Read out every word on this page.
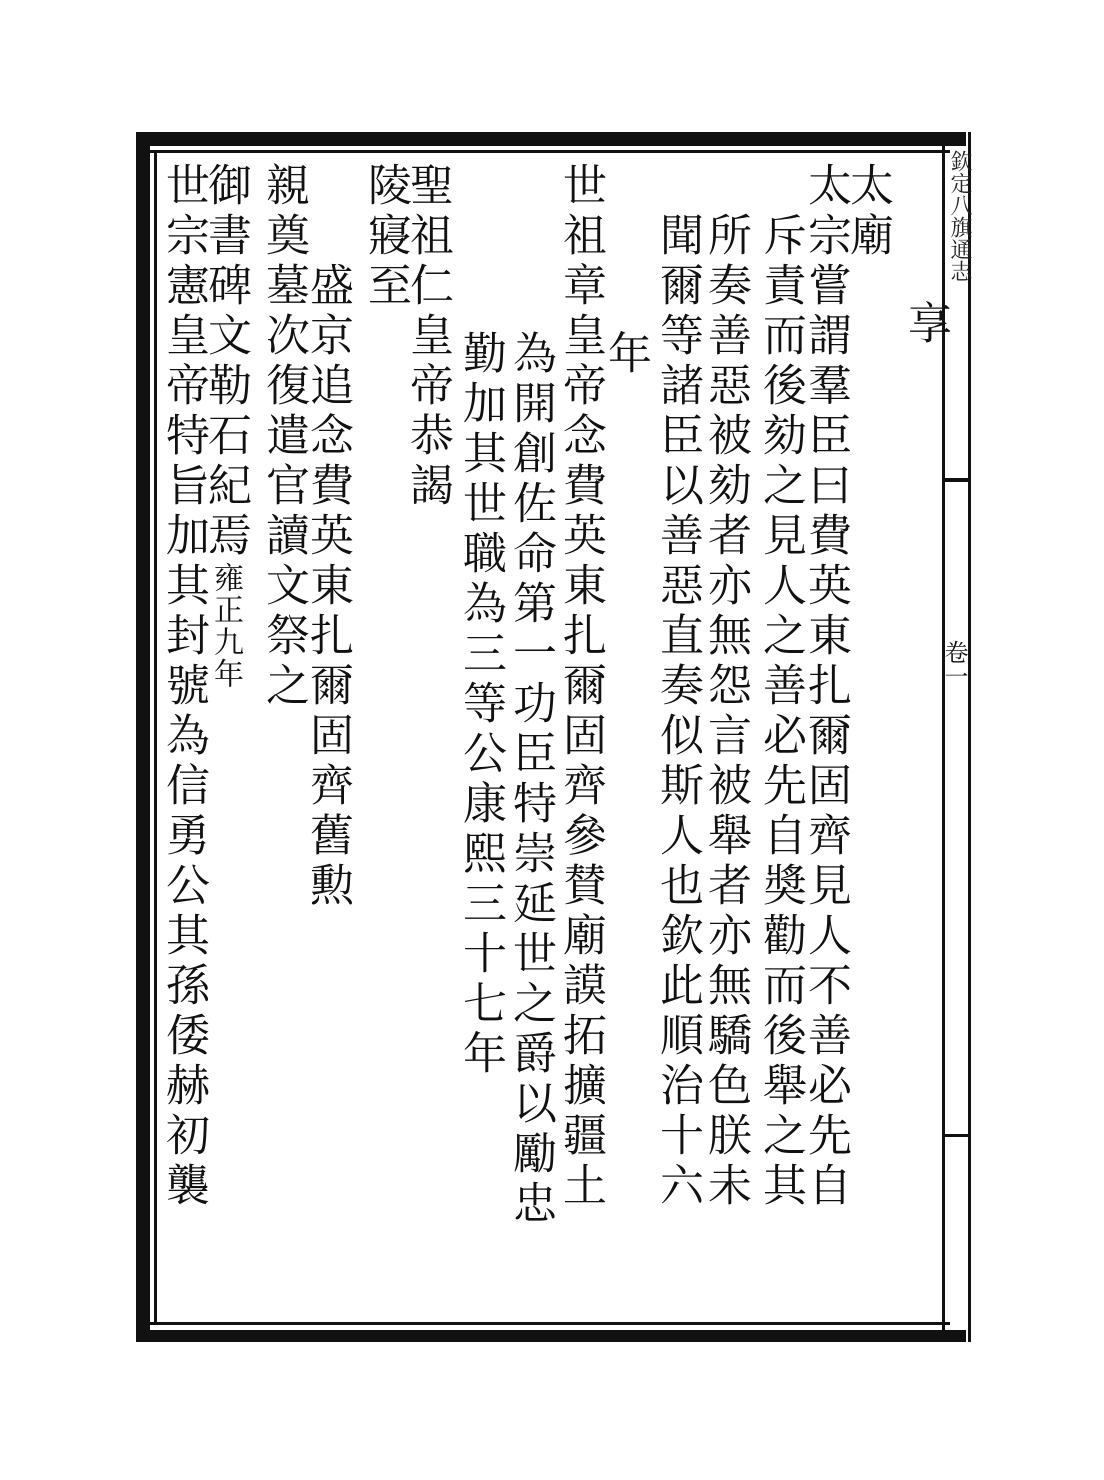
欽定八旗通志
卷一
太廟
享
太宗嘗謂羣臣曰費英東扎爾固齊見人不善必先自
斥責而後劾之見人之善必先自奬勸而後舉之其
所奏善惡被劾者亦無怨言被舉者亦無驕色朕未
聞爾等諸臣以善惡直奏似斯人也欽此順治十六
年
世祖章皇帝念費英東扎爾固齊參賛廟謨拓擴疆土
為開創佐命第一功臣特崇延世之爵以勵忠
勤加其世職為三等公康熙三十七年
聖祖仁皇帝恭謁
陵寢至
盛京追念費英東扎爾固齊舊勲
親奠墓次復遣官讀文祭之
御書碑文勒石紀焉雍正九年
世宗憲皇帝特旨加其封號為信勇公其孫倭赫初襲
